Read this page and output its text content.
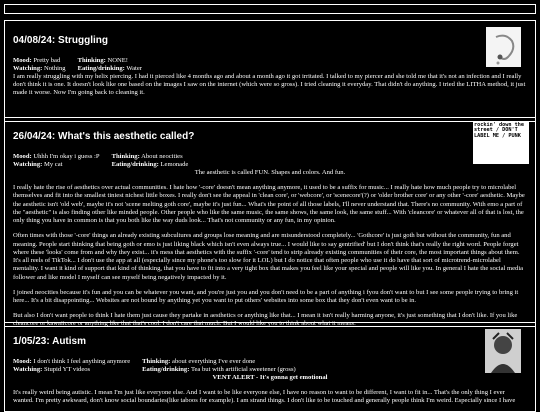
04/08/24: Struggling
Mood: Pretty bad	Thinking: NONE!
Watching: Nothing Eating/drinking: Water

I am really struggling with my helix piercing. I had it pierced like 4 months ago and about a month ago it got irritated. I talked to my piercer and she told me that it's not an infection and I really don't think it is one. It doesn't look like one based on the images I saw on the internet (which were so gross). I tried cleaning it everyday. That didn't do anything. I tried the LITHA method, it just made it worse. Now I'm going back to cleaning it.

rockin' down the street / DON'T LABEL ME / PUNK
26/04/24: What's this aesthetic called?
Mood: Uhhh I'm okay i guess :P Thinking: About neocities
Watching: My cat	Eating/drinking: Lemonade

The aesthetic is called FUN. Shapes and colors. And fun.

I really hate the rise of aesthetics over actual communities. I hate how '-core' doesn't mean anything anymore, it used to be a suffix for music... I really hate how much people try to microlabel themselves and fit into the smallest tiniest nichest little boxes. I really don't see the appeal in 'clean core', or 'webcore', or 'scenecore'(?) or 'older brother core' or any other '-core' aesthetic. Maybe the aesthetic isn't 'old web', maybe it's not 'scene melting goth core', maybe it's just fun... What's the point of all those labels, I'll never understand that. There's no community. With emo a part of the "aesthetic" is also finding other like minded people. Other people who like the same music, the same shows, the same look, the same stuff... With 'cleancore' or whatever all of that is lost, the only thing you have in common is that you both like the way duds look... That's not community or any fun, in my opinion.

Often times with those '-core' things an already existing subcultures and groups lose meaning and are misunderstood completely... 'Gothcore' is just goth but without the community, fun and meaning. People start thinking that being goth or emo is just liking black which isn't even always true... I would like to say gentrified' but I don't think that's really the right word. People forget where these 'looks' come from and why they exist... it's mess that aesthetics with the suffix '-core' tend to strip already existing communities of their core, the most important things about them. It's all reels of TikTok... I don't use the app at all (especially since my phone's too slow for it LOL) but I do notice that often people who use it do have that sort of microtrend-microlabel mentality. I want it kind of support that kind of thinking, that you have to fit into a very tight box that makes you feel like your special and people will like you. In general I hate the social media follower and like model I myself can see myself being negatively impacted by it.

I joined neocities because it's fun and you can be whatever you want, and you're just you and you don't need to be a part of anything i fyou don't want to but I see some people trying to bring it here... It's a bit disappointing... Websites are not bound by anything yet you want to put others' websites into some box that they don't even want to be in.

But also I don't want people to think I hate them just cause they partake in aesthetics or anything like that... I mean it isn't really harming anyone, it's just something that I don't like. If you like cleancore or kawaiicore or anything like that that's cool. I don't care that much. But I would like you to think about what it means.

1/05/23: Autism
Mood: I don't think I feel anything anymore Thinking: about everything I've ever done
Watching: Stupid YT videos	Eating/drinking: Tea but with artificial sweetener (gross)

VENT ALERT - It's gonna get emotional

It's really weird being autistic. I mean I'm just like everyone else. And I want to be like everyone else, I have no reason to want to be different, I want to fit in... That's the only thing I ever wanted. I'm pretty awkward, don't know social boundaries(like taboos for example). I am strand things. I don't like to be touched and generally people think I'm weird. Especially since I have
